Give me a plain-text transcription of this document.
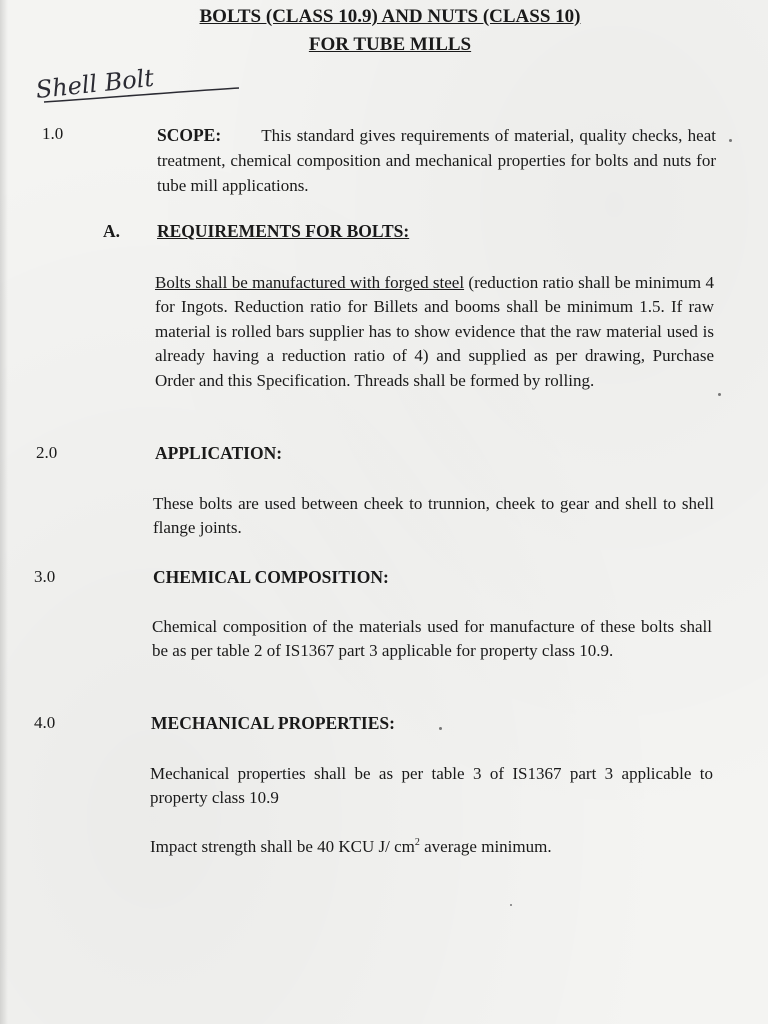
BOLTS (CLASS 10.9) AND NUTS (CLASS 10)
FOR TUBE MILLS
Shell Bolt
1.0	SCOPE: This standard gives requirements of material, quality checks, heat treatment, chemical composition and mechanical properties for bolts and nuts for tube mill applications.
A. REQUIREMENTS FOR BOLTS:
Bolts shall be manufactured with forged steel (reduction ratio shall be minimum 4 for Ingots. Reduction ratio for Billets and booms shall be minimum 1.5. If raw material is rolled bars supplier has to show evidence that the raw material used is already having a reduction ratio of 4) and supplied as per drawing, Purchase Order and this Specification. Threads shall be formed by rolling.
2.0	APPLICATION:
These bolts are used between cheek to trunnion, cheek to gear and shell to shell flange joints.
3.0	CHEMICAL COMPOSITION:
Chemical composition of the materials used for manufacture of these bolts shall be as per table 2 of IS1367 part 3 applicable for property class 10.9.
4.0	MECHANICAL PROPERTIES:
Mechanical properties shall be as per table 3 of IS1367 part 3 applicable to property class 10.9
Impact strength shall be 40 KCU J/ $cm^2$ average minimum.
